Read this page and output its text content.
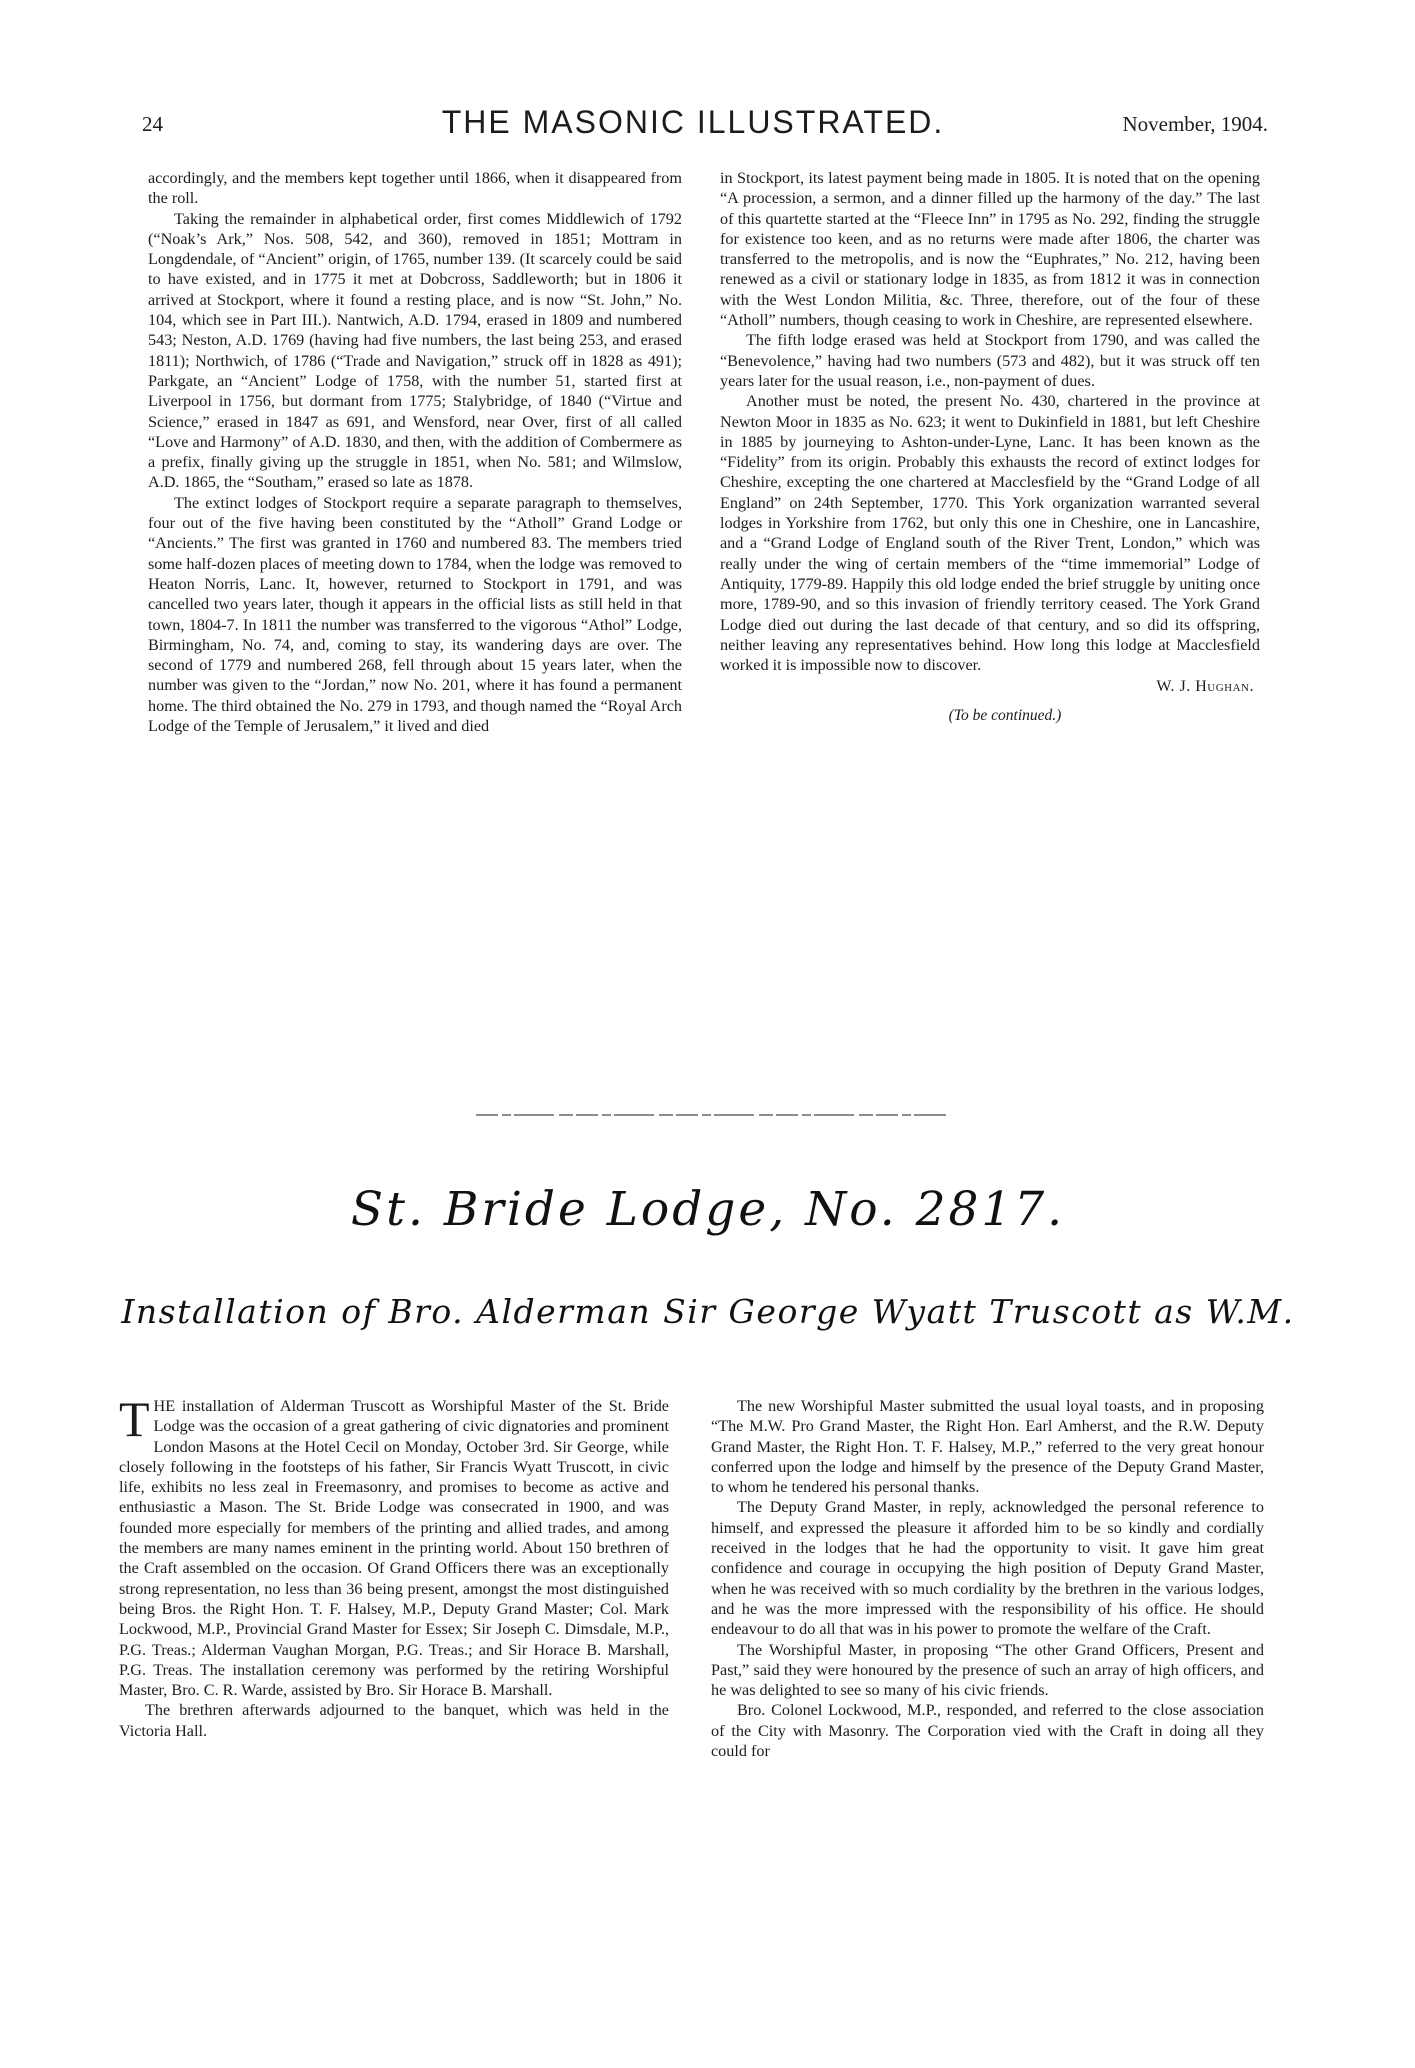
24	THE MASONIC ILLUSTRATED.	November, 1904.

accordingly, and the members kept together until 1866, when it disappeared from the roll.

Taking the remainder in alphabetical order, first comes Middlewich of 1792 (“Noak’s Ark,” Nos. 508, 542, and 360), removed in 1851; Mottram in Longdendale, of “Ancient” origin, of 1765, number 139. (It scarcely could be said to have existed, and in 1775 it met at Dobcross, Saddleworth; but in 1806 it arrived at Stockport, where it found a resting place, and is now “St. John,” No. 104, which see in Part III.). Nantwich, A.D. 1794, erased in 1809 and numbered 543; Neston, A.D. 1769 (having had five numbers, the last being 253, and erased 1811); Northwich, of 1786 (“Trade and Navigation,” struck off in 1828 as 491); Parkgate, an “Ancient” Lodge of 1758, with the number 51, started first at Liverpool in 1756, but dormant from 1775; Stalybridge, of 1840 (“Virtue and Science,” erased in 1847 as 691, and Wensford, near Over, first of all called “Love and Harmony” of A.D. 1830, and then, with the addition of Combermere as a prefix, finally giving up the struggle in 1851, when No. 581; and Wilmslow, A.D. 1865, the “Southam,” erased so late as 1878.

The extinct lodges of Stockport require a separate paragraph to themselves, four out of the five having been constituted by the “Atholl” Grand Lodge or “Ancients.” The first was granted in 1760 and numbered 83. The members tried some half-dozen places of meeting down to 1784, when the lodge was removed to Heaton Norris, Lanc. It, however, returned to Stockport in 1791, and was cancelled two years later, though it appears in the official lists as still held in that town, 1804-7. In 1811 the number was transferred to the vigorous “Athol” Lodge, Birmingham, No. 74, and, coming to stay, its wandering days are over. The second of 1779 and numbered 268, fell through about 15 years later, when the number was given to the “Jordan,” now No. 201, where it has found a permanent home. The third obtained the No. 279 in 1793, and though named the “Royal Arch Lodge of the Temple of Jerusalem,” it lived and died

in Stockport, its latest payment being made in 1805. It is noted that on the opening “A procession, a sermon, and a dinner filled up the harmony of the day.” The last of this quartette started at the “Fleece Inn” in 1795 as No. 292, finding the struggle for existence too keen, and as no returns were made after 1806, the charter was transferred to the metropolis, and is now the “Euphrates,” No. 212, having been renewed as a civil or stationary lodge in 1835, as from 1812 it was in connection with the West London Militia, &c. Three, therefore, out of the four of these “Atholl” numbers, though ceasing to work in Cheshire, are represented elsewhere.

The fifth lodge erased was held at Stockport from 1790, and was called the “Benevolence,” having had two numbers (573 and 482), but it was struck off ten years later for the usual reason, i.e., non-payment of dues.

Another must be noted, the present No. 430, chartered in the province at Newton Moor in 1835 as No. 623; it went to Dukinfield in 1881, but left Cheshire in 1885 by journeying to Ashton-under-Lyne, Lanc. It has been known as the “Fidelity” from its origin. Probably this exhausts the record of extinct lodges for Cheshire, excepting the one chartered at Macclesfield by the “Grand Lodge of all England” on 24th September, 1770. This York organization warranted several lodges in Yorkshire from 1762, but only this one in Cheshire, one in Lancashire, and a “Grand Lodge of England south of the River Trent, London,” which was really under the wing of certain members of the “time immemorial” Lodge of Antiquity, 1779-89. Happily this old lodge ended the brief struggle by uniting once more, 1789-90, and so this invasion of friendly territory ceased. The York Grand Lodge died out during the last decade of that century, and so did its offspring, neither leaving any representatives behind. How long this lodge at Macclesfield worked it is impossible now to discover.

W. J. Hughan.
(To be continued.)
St. Bride Lodge, No. 2817.
Installation of Bro. Alderman Sir George Wyatt Truscott as W.M.

THE installation of Alderman Truscott as Worshipful Master of the St. Bride Lodge was the occasion of a great gathering of civic dignatories and prominent London Masons at the Hotel Cecil on Monday, October 3rd. Sir George, while closely following in the footsteps of his father, Sir Francis Wyatt Truscott, in civic life, exhibits no less zeal in Freemasonry, and promises to become as active and enthusiastic a Mason. The St. Bride Lodge was consecrated in 1900, and was founded more especially for members of the printing and allied trades, and among the members are many names eminent in the printing world. About 150 brethren of the Craft assembled on the occasion. Of Grand Officers there was an exceptionally strong representation, no less than 36 being present, amongst the most distinguished being Bros. the Right Hon. T. F. Halsey, M.P., Deputy Grand Master; Col. Mark Lockwood, M.P., Provincial Grand Master for Essex; Sir Joseph C. Dimsdale, M.P., P.G. Treas.; Alderman Vaughan Morgan, P.G. Treas.; and Sir Horace B. Marshall, P.G. Treas. The installation ceremony was performed by the retiring Worshipful Master, Bro. C. R. Warde, assisted by Bro. Sir Horace B. Marshall.

The brethren afterwards adjourned to the banquet, which was held in the Victoria Hall.

The new Worshipful Master submitted the usual loyal toasts, and in proposing “The M.W. Pro Grand Master, the Right Hon. Earl Amherst, and the R.W. Deputy Grand Master, the Right Hon. T. F. Halsey, M.P.,” referred to the very great honour conferred upon the lodge and himself by the presence of the Deputy Grand Master, to whom he tendered his personal thanks.

The Deputy Grand Master, in reply, acknowledged the personal reference to himself, and expressed the pleasure it afforded him to be so kindly and cordially received in the lodges that he had the opportunity to visit. It gave him great confidence and courage in occupying the high position of Deputy Grand Master, when he was received with so much cordiality by the brethren in the various lodges, and he was the more impressed with the responsibility of his office. He should endeavour to do all that was in his power to promote the welfare of the Craft.

The Worshipful Master, in proposing “The other Grand Officers, Present and Past,” said they were honoured by the presence of such an array of high officers, and he was delighted to see so many of his civic friends.

Bro. Colonel Lockwood, M.P., responded, and referred to the close association of the City with Masonry. The Corporation vied with the Craft in doing all they could for
